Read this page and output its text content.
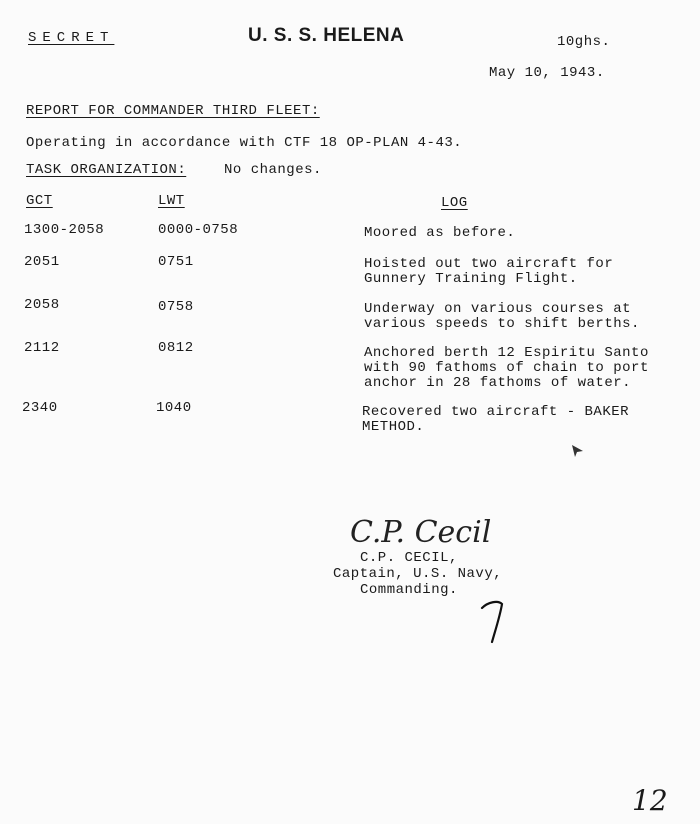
SECRET	U. S. S. HELENA	10ghs.
May 10, 1943.
REPORT FOR COMMANDER THIRD FLEET:
Operating in accordance with CTF 18 OP-PLAN 4-43.
TASK ORGANIZATION:	No changes.
GCT	LWT	LOG
1300-2058	0000-0758	Moored as before.
2051	0751	Hoisted out two aircraft for Gunnery Training Flight.
2058	0758	Underway on various courses at various speeds to shift berths.
2112	0812	Anchored berth 12 Espiritu Santo with 90 fathoms of chain to port anchor in 28 fathoms of water.
2340	1040	Recovered two aircraft - BAKER METHOD.
C.P. Cecil
C.P. CECIL,
Captain, U.S. Navy,
Commanding.
12
